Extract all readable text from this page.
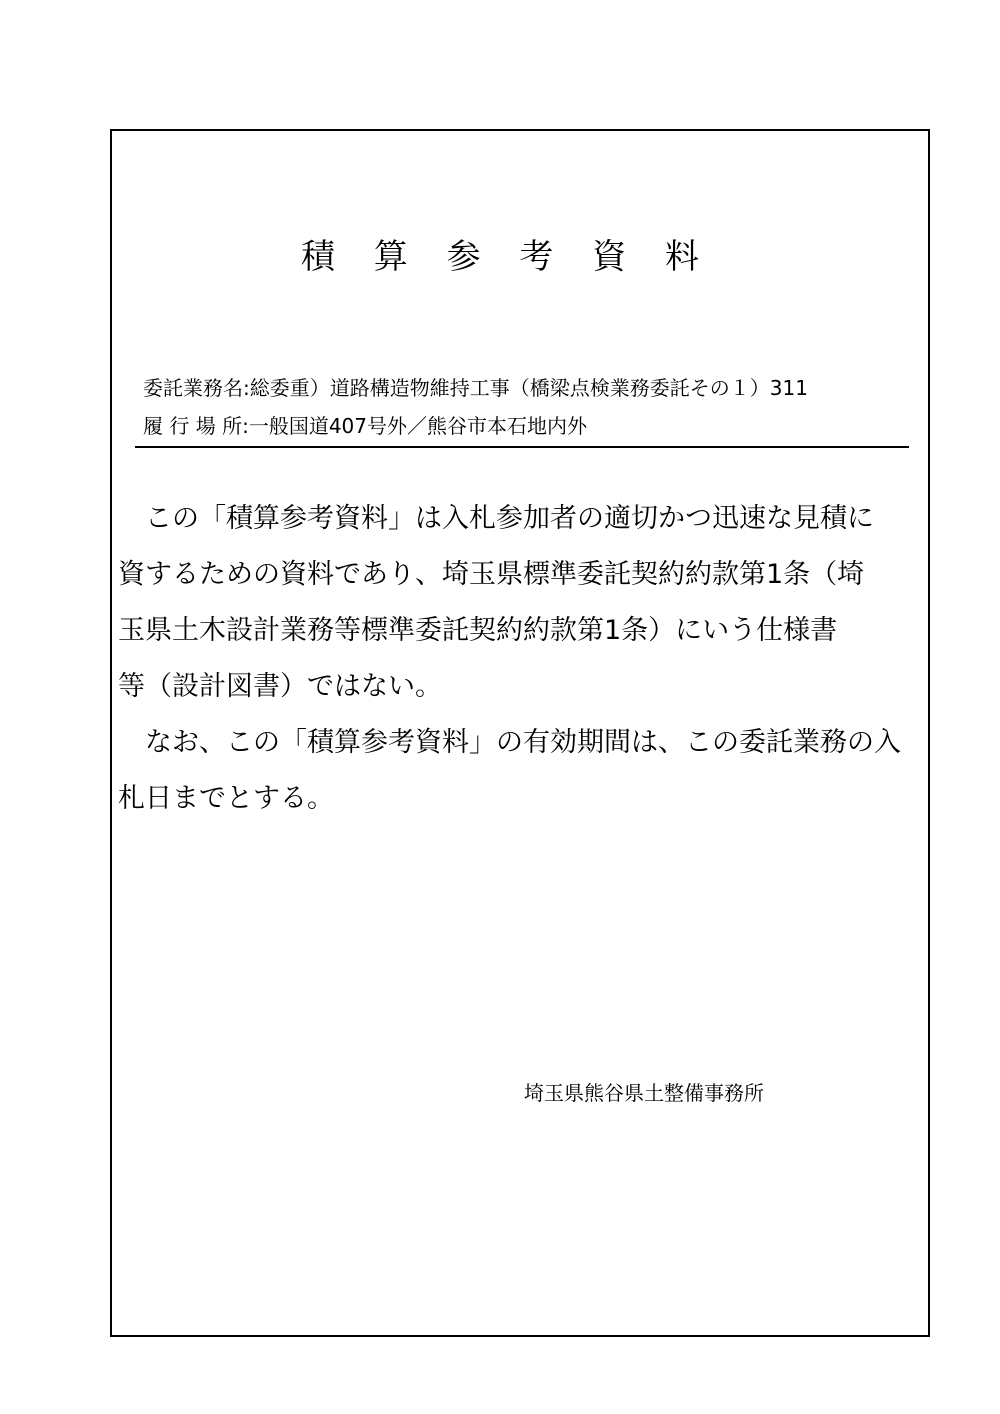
積 算 参 考 資 料
委託業務名:総委重）道路構造物維持工事（橋梁点検業務委託その１）311
履 行 場 所:一般国道407号外／熊谷市本石地内外
　この「積算参考資料」は入札参加者の適切かつ迅速な見積に
資するための資料であり、埼玉県標準委託契約約款第1条（埼
玉県土木設計業務等標準委託契約約款第1条）にいう仕様書
等（設計図書）ではない。
　なお、この「積算参考資料」の有効期間は、この委託業務の入
札日までとする。
埼玉県熊谷県土整備事務所
